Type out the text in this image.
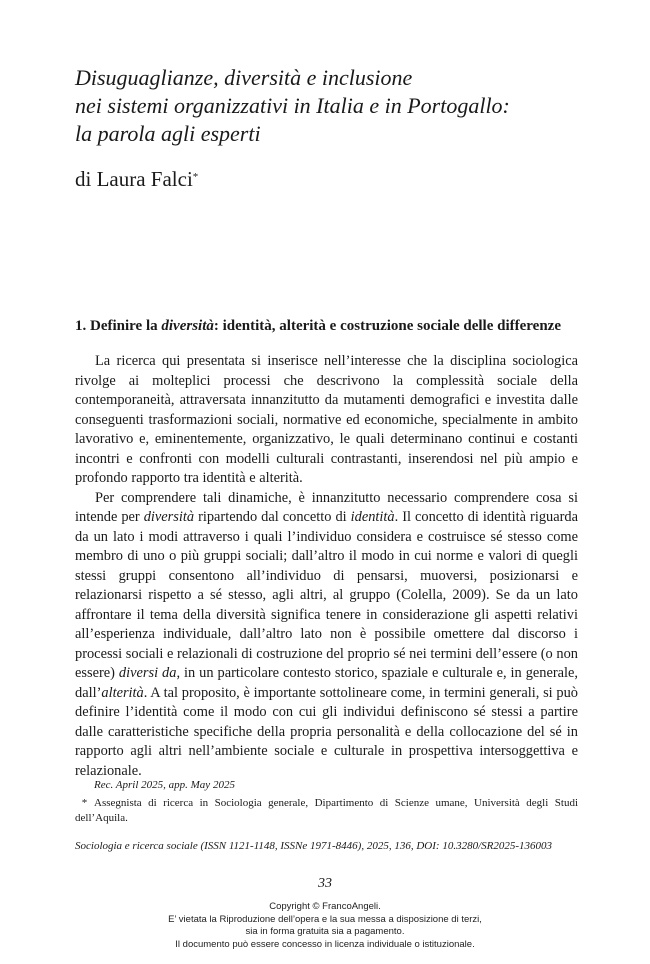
Disuguaglianze, diversità e inclusione
nei sistemi organizzativi in Italia e in Portogallo:
la parola agli esperti
di Laura Falci*
1. Definire la diversità: identità, alterità e costruzione sociale delle differenze

La ricerca qui presentata si inserisce nell’interesse che la disciplina sociologica rivolge ai molteplici processi che descrivono la complessità sociale della contemporaneità, attraversata innanzitutto da mutamenti demografici e investita dalle conseguenti trasformazioni sociali, normative ed economiche, specialmente in ambito lavorativo e, eminentemente, organizzativo, le quali determinano continui e costanti incontri e confronti con modelli culturali contrastanti, inserendosi nel più ampio e profondo rapporto tra identità e alterità.

Per comprendere tali dinamiche, è innanzitutto necessario comprendere cosa si intende per diversità ripartendo dal concetto di identità. Il concetto di identità riguarda da un lato i modi attraverso i quali l’individuo considera e costruisce sé stesso come membro di uno o più gruppi sociali; dall’altro il modo in cui norme e valori di quegli stessi gruppi consentono all’individuo di pensarsi, muoversi, posizionarsi e relazionarsi rispetto a sé stesso, agli altri, al gruppo (Colella, 2009). Se da un lato affrontare il tema della diversità significa tenere in considerazione gli aspetti relativi all’esperienza individuale, dall’altro lato non è possibile omettere dal discorso i processi sociali e relazionali di costruzione del proprio sé nei termini dell’essere (o non essere) diversi da, in un particolare contesto storico, spaziale e culturale e, in generale, dall’alterità. A tal proposito, è importante sottolineare come, in termini generali, si può definire l’identità come il modo con cui gli individui definiscono sé stessi a partire dalle caratteristiche specifiche della propria personalità e della collocazione del sé in rapporto agli altri nell’ambiente sociale e culturale in prospettiva intersoggettiva e relazionale.

Rec. April 2025, app. May 2025
* Assegnista di ricerca in Sociologia generale, Dipartimento di Scienze umane, Università degli Studi dell’Aquila.
Sociologia e ricerca sociale (ISSN 1121-1148, ISSNe 1971-8446), 2025, 136, DOI: 10.3280/SR2025-136003
33
Copyright © FrancoAngeli.
E’ vietata la Riproduzione dell’opera e la sua messa a disposizione di terzi,
sia in forma gratuita sia a pagamento.
Il documento può essere concesso in licenza individuale o istituzionale.
